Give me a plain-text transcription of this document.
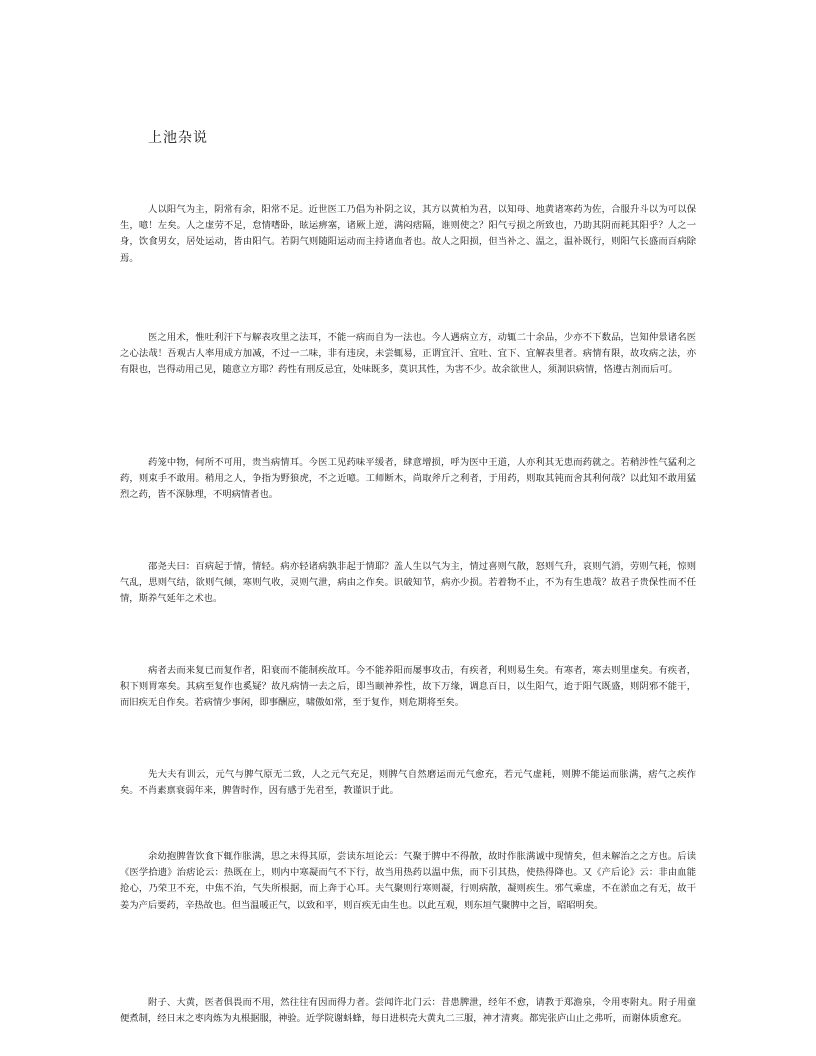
上池杂说

人以阳气为主，阴常有余，阳常不足。近世医工乃倡为补阴之议，其方以黄柏为君，以知母、地黄诸寒药为佐，合服升斗以为可以保生，噫！左矣。人之虚劳不足，怠情嗜卧，眩运痹塞，诸厥上逆，满闷痞隔，谁则使之？阳气亏损之所致也，乃助其阴而耗其阳乎？人之一身，饮食男女，居处运动，皆由阳气。若阴气则随阳运动而主持诸血者也。故人之阳损，但当补之、温之，温补既行，则阳气长盛而百病除焉。

医之用术，惟吐利汗下与解表攻里之法耳，不能一病而自为一法也。今人遇病立方，动辄二十余品，少亦不下数品，岂知仲景诸名医之心法哉！吾观古人率用成方加减，不过一二味，非有违戾，未尝辄易，正谓宜汗、宜吐、宜下、宜解表里者。病情有限，故攻病之法，亦有限也，岂得动用己见，随意立方耶？药性有刑反忌宜，处味既多，莫识其性，为害不少。故余欲世人，须洞识病情，恪遵古剂而后可。

药笼中物，何所不可用，贵当病情耳。今医工见药味平缓者，肆意增损，呼为医中王道，人亦利其无患而药就之。若稍涉性气猛利之药，则束手不敢用。稍用之人，争指为野狼虎，不之近噫。工师断木，尚取斧斤之利者，于用药，则取其钝而舍其利何哉？以此知不敢用猛烈之药，皆不深脉理，不明病情者也。

邵尧夫曰：百病起于情，情轻。病亦轻诸病孰非起于情耶？盖人生以气为主，情过喜则气散，怒则气升，哀则气消，劳则气耗，惊则气乱，思则气结，欲则气倾，寒则气收，灵则气泄，病由之作矣。识破知节，病亦少损。若着物不止，不为有生患哉？故君子贵保性而不任情，斯养气延年之术也。

病者去而来复已而复作者，阳衰而不能制疾故耳。今不能养阳而屡事攻击，有疾者，利则易生矣。有寒者，寒去则里虚矣。有疾者，积下则胃寒矣。其病至复作也奚疑？故凡病情一去之后，即当颐神养性，故下万缘，调息百日，以生阳气，迨于阳气既盛，则阴邪不能干，而旧疾无自作矣。若病情少事闲，即事酬应，啸傲如常，至于复作，则危期将至矣。

先大夫有训云，元气与脾气原无二致，人之元气充足，则脾气自然磨运而元气愈充，若元气虚耗，则脾不能运而胀满，痞气之疾作矣。不肖素禀衰弱年来，脾眚时作，因有感于先君至，教谨识于此。

余幼抱脾眚饮食下辄作胀满，思之未得其原，尝读东垣论云：气聚于脾中不得散，故时作胀满诚中现情矣，但未解治之之方也。后读《医学拾遗》治痞论云：热既在上，则内中寒凝而气不下行，故当用热药以温中焦，而下引其热，使热得降也。又《产后论》云：非由血能抢心，乃荣卫不充，中焦不治，气失所根据，而上奔于心耳。夫气聚则行寒则凝，行则病散，凝则疾生。邪气乘虚，不在淤血之有无，故干姜为产后要药，辛热故也。但当温暖正气，以致和平，则百疾无由生也。以此互观，则东垣气聚脾中之旨，昭昭明矣。

附子、大黄，医者俱畏而不用，然往往有因而得力者。尝闻许北门云：昔患脾泄，经年不愈，请教于郑澹泉，令用枣附丸。附子用童便煮制，经日末之枣肉炼为丸根据服，神验。近学院谢蚪蜂，每日进枳壳大黄丸二三服，神才清爽。都宪张庐山止之弗听，而谢体质愈充。
